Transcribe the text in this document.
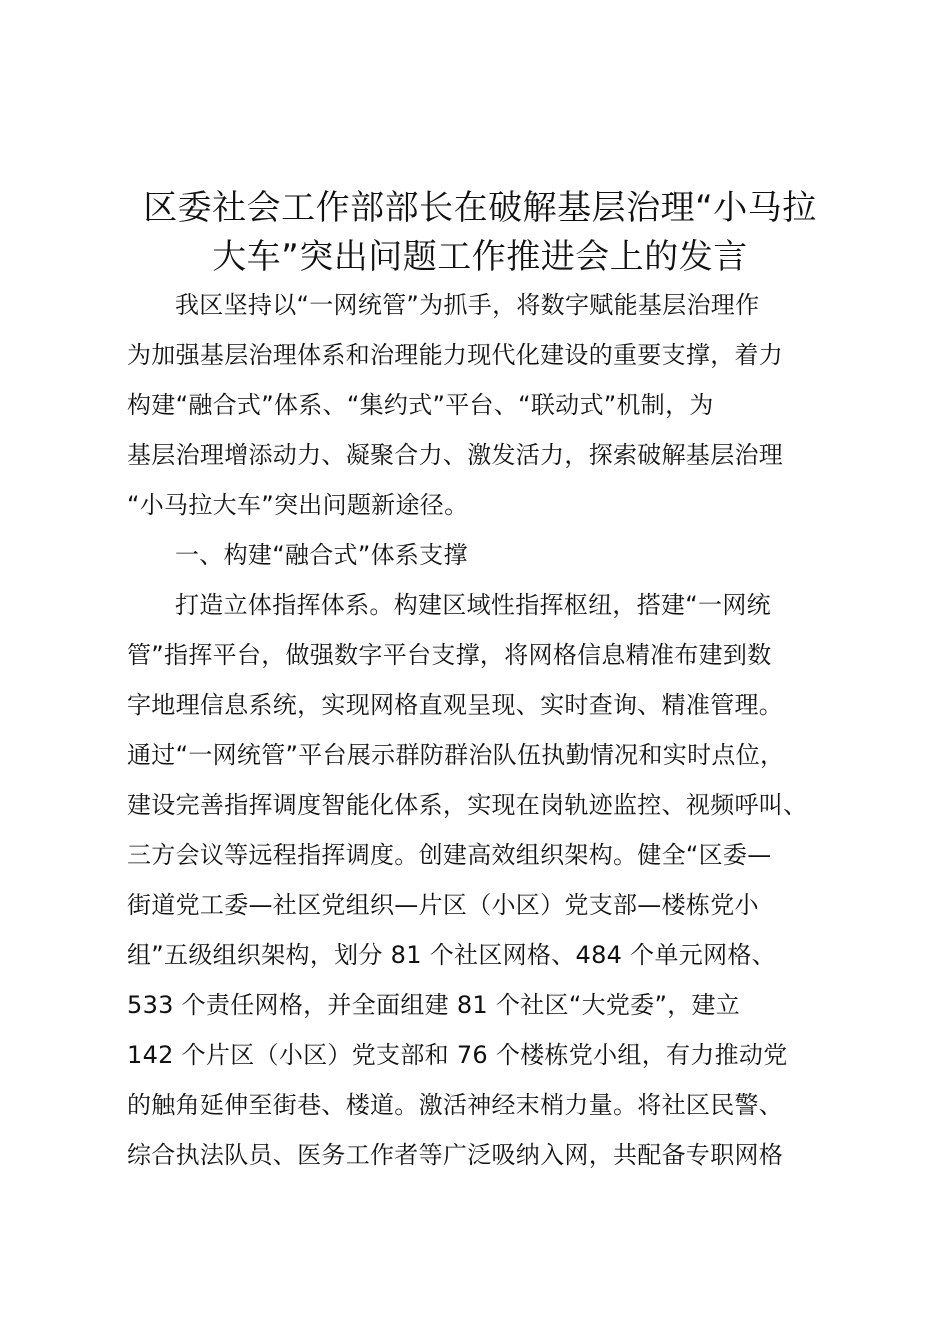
区委社会工作部部长在破解基层治理“小马拉
大车”突出问题工作推进会上的发言
我区坚持以“一网统管”为抓手，将数字赋能基层治理作
为加强基层治理体系和治理能力现代化建设的重要支撑，着力
构建“融合式”体系、“集约式”平台、“联动式”机制，为
基层治理增添动力、凝聚合力、激发活力，探索破解基层治理
“小马拉大车”突出问题新途径。
一、构建“融合式”体系支撑
打造立体指挥体系。构建区域性指挥枢纽，搭建“一网统
管”指挥平台，做强数字平台支撑，将网格信息精准布建到数
字地理信息系统，实现网格直观呈现、实时查询、精准管理。
通过“一网统管”平台展示群防群治队伍执勤情况和实时点位，
建设完善指挥调度智能化体系，实现在岗轨迹监控、视频呼叫、
三方会议等远程指挥调度。创建高效组织架构。健全“区委—
街道党工委—社区党组织—片区（小区）党支部—楼栋党小
组”五级组织架构，划分 81 个社区网格、484 个单元网格、
533 个责任网格，并全面组建 81 个社区“大党委”，建立
142 个片区（小区）党支部和 76 个楼栋党小组，有力推动党
的触角延伸至街巷、楼道。激活神经末梢力量。将社区民警、
综合执法队员、医务工作者等广泛吸纳入网，共配备专职网格
